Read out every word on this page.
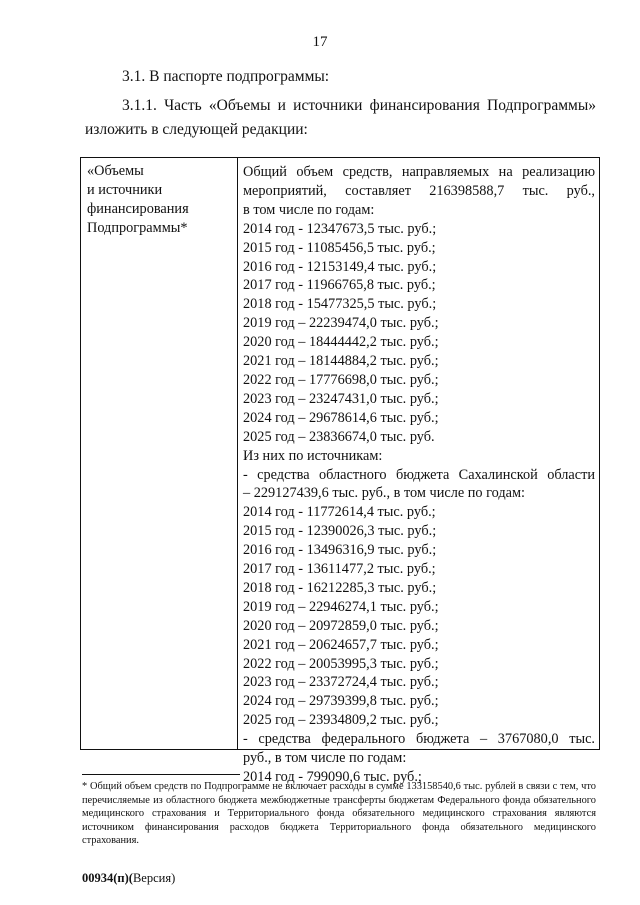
17
3.1. В паспорте подпрограммы:
3.1.1. Часть «Объемы и источники финансирования Подпрограммы»
изложить в следующей редакции:
«Объемы
и источники
финансирования
Подпрограммы*
Общий объем средств, направляемых на реализацию
мероприятий, составляет 216398588,7 тыс. руб.,
в том числе по годам:
2014 год - 12347673,5 тыс. руб.;
2015 год - 11085456,5 тыс. руб.;
2016 год - 12153149,4 тыс. руб.;
2017 год - 11966765,8 тыс. руб.;
2018 год - 15477325,5 тыс. руб.;
2019 год – 22239474,0 тыс. руб.;
2020 год – 18444442,2 тыс. руб.;
2021 год – 18144884,2 тыс. руб.;
2022 год – 17776698,0 тыс. руб.;
2023 год – 23247431,0 тыс. руб.;
2024 год – 29678614,6 тыс. руб.;
2025 год – 23836674,0 тыс. руб.
Из них по источникам:
- средства областного бюджета Сахалинской области
– 229127439,6 тыс. руб., в том числе по годам:
2014 год - 11772614,4 тыс. руб.;
2015 год - 12390026,3 тыс. руб.;
2016 год - 13496316,9 тыс. руб.;
2017 год - 13611477,2 тыс. руб.;
2018 год - 16212285,3 тыс. руб.;
2019 год – 22946274,1 тыс. руб.;
2020 год – 20972859,0 тыс. руб.;
2021 год – 20624657,7 тыс. руб.;
2022 год – 20053995,3 тыс. руб.;
2023 год – 23372724,4 тыс. руб.;
2024 год – 29739399,8 тыс. руб.;
2025 год – 23934809,2 тыс. руб.;
- средства федерального бюджета – 3767080,0 тыс.
руб., в том числе по годам:
2014 год - 799090,6 тыс. руб.;
* Общий объем средств по Подпрограмме не включает расходы в сумме 133158540,6 тыс. рублей в связи с тем, что перечисляемые из областного бюджета межбюджетные трансферты бюджетам Федерального фонда обязательного медицинского страхования и Территориального фонда обязательного медицинского страхования являются источником финансирования расходов бюджета Территориального фонда обязательного медицинского страхования.
00934(п)(Версия)
